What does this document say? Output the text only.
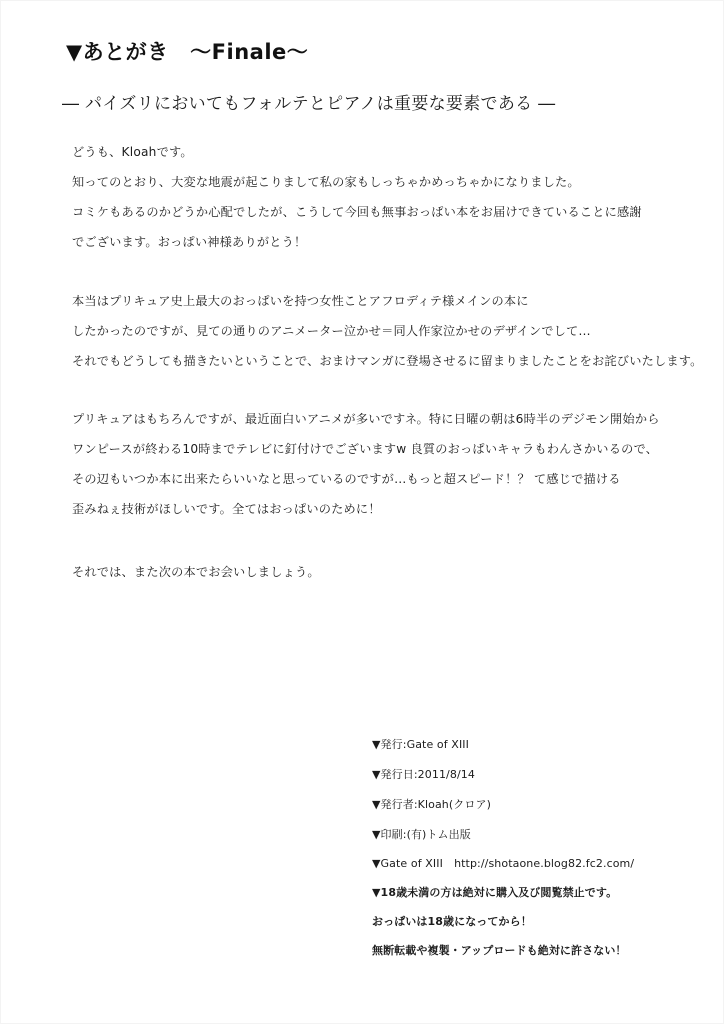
▼あとがき　〜Finale〜
― パイズリにおいてもフォルテとピアノは重要な要素である ―
どうも、Kloahです。
知ってのとおり、大変な地震が起こりまして私の家もしっちゃかめっちゃかになりました。
コミケもあるのかどうか心配でしたが、こうして今回も無事おっぱい本をお届けできていることに感謝
でございます。おっぱい神様ありがとう！
本当はプリキュア史上最大のおっぱいを持つ女性ことアフロディテ様メインの本に
したかったのですが、見ての通りのアニメーター泣かせ＝同人作家泣かせのデザインでして…
それでもどうしても描きたいということで、おまけマンガに登場させるに留まりましたことをお詫びいたします。
プリキュアはもちろんですが、最近面白いアニメが多いですネ。特に日曜の朝は6時半のデジモン開始から
ワンピースが終わる10時までテレビに釘付けでございますw 良質のおっぱいキャラもわんさかいるので、
その辺もいつか本に出来たらいいなと思っているのですが…もっと超スピード！？ て感じで描ける
歪みねぇ技術がほしいです。全てはおっぱいのために！
それでは、また次の本でお会いしましょう。
▼発行:Gate of XIII
▼発行日:2011/8/14
▼発行者:Kloah(クロア)
▼印刷:(有)トム出版
▼Gate of XIII　http://shotaone.blog82.fc2.com/
▼18歳未満の方は絶対に購入及び閲覧禁止です。
おっぱいは18歳になってから！
無断転載や複製・アップロードも絶対に許さない！
